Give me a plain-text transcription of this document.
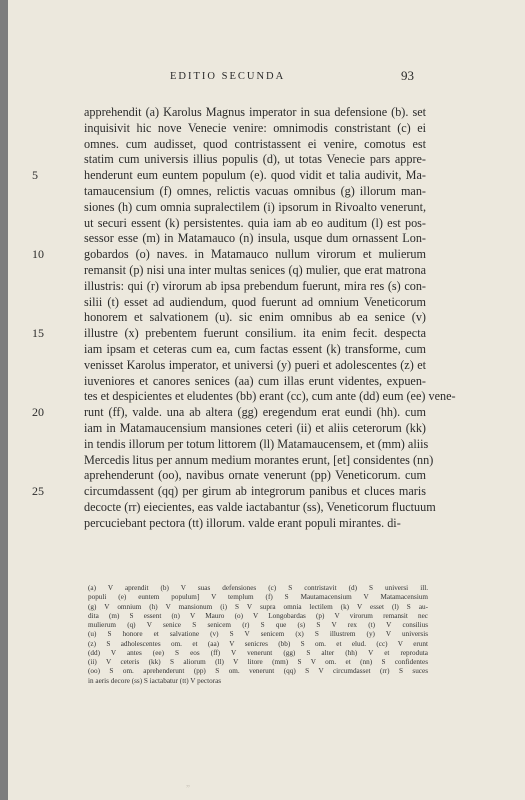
EDITIO SECUNDA	93
apprehendit (a) Karolus Magnus imperator in sua defensione (b). set
inquisivit hic nove Venecie venire: omnimodis constristant (c) ei
omnes. cum audisset, quod contristassent ei venire, comotus est
statim cum universis illius populis (d), ut totas Venecie pars appre-
5	henderunt eum euntem populum (e). quod vidit et talia audivit, Ma-
tamaucensium (f) omnes, relictis vacuas omnibus (g) illorum man-
siones (h) cum omnia supralectilem (i) ipsorum in Rivoalto venerunt,
ut securi essent (k) persistentes. quia iam ab eo auditum (l) est pos-
sessor esse (m) in Matamauco (n) insula, usque dum ornassent Lon-
10	gobardos (o) naves. in Matamauco nullum virorum et mulierum
remansit (p) nisi una inter multas senices (q) mulier, que erat matrona
illustris: qui (r) virorum ab ipsa prebendum fuerunt, mira res (s) con-
silii (t) esset ad audiendum, quod fuerunt ad omnium Veneticorum
honorem et salvationem (u). sic enim omnibus ab ea senice (v)
15	illustre (x) prebentem fuerunt consilium. ita enim fecit. despecta
iam ipsam et ceteras cum ea, cum factas essent (k) transforme, cum
venisset Karolus imperator, et universi (y) pueri et adolescentes (z) et
iuveniores et canores senices (aa) cum illas erunt videntes, expuen-
tes et despicientes et eludentes (bb) erant (cc), cum ante (dd) eum (ee) vene-
20	runt (ff), valde. una ab altera (gg) eregendum erat eundi (hh). cum
iam in Matamaucensium mansiones ceteri (ii) et aliis ceterorum (kk)
in tendis illorum per totum littorem (ll) Matamaucensem, et (mm) aliis
Mercedis litus per annum medium morantes erunt, [et] considentes (nn)
aprehenderunt (oo), navibus ornate venerunt (pp) Veneticorum. cum
25	circumdassent (qq) per girum ab integrorum panibus et cluces maris
decocte (rr) eiecientes, eas valde iactabantur (ss), Veneticorum fluctuum
percuciebant pectora (tt) illorum. valde erant populi mirantes. di-
(a) V aprendit (b) V suas defensiones (c) S contristavit (d) S universi ill.
populi (e) euntem populum] V templum (f) S Mautamacensium V Matamacensium
(g) V omnium (h) V mansionum (i) S V supra omnia lectilem (k) V esset (l) S au-
dita (m) S essent (n) V Mauro (o) V Longobardas (p) V virorum remansit nec
mulierum (q) V senice S senicem (r) S que (s) S V rex (t) V consilius
(u) S honore et salvatione (v) S V senicem (x) S illustrem (y) V universis
(z) S adholescentes om. et (aa) V senicres (bb) S om. et elud. (cc) V erunt
(dd) V antes (ee) S eos (ff) V venerunt (gg) S alter (hh) V et reproduta
(ii) V ceteris (kk) S aliorum (ll) V litore (mm) S V om. et (nn) S confidentes
(oo) S om. aprehenderunt (pp) S om. venerunt (qq) S V circumdasset (rr) S suces
in aeris decore (ss) S iactabatur (tt) V pectoras
„
